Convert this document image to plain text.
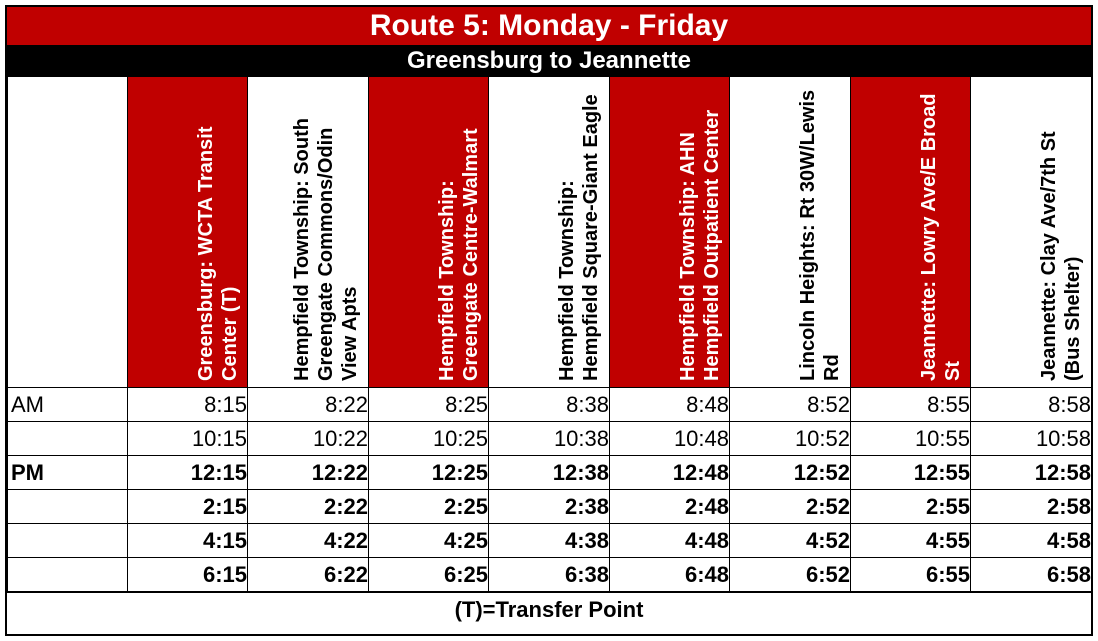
Route 5: Monday - Friday
Greensburg to Jeannette

	Greensburg: WCTA Transit Center (T)	Hempfield Township: South Greengate Commons/Odin View Apts	Hempfield Township: Greengate Centre-Walmart	Hempfield Township: Hempfield Square-Giant Eagle	Hempfield Township: AHN Hempfield Outpatient Center	Lincoln Heights: Rt 30W/Lewis Rd	Jeannette: Lowry Ave/E Broad St	Jeannette: Clay Ave/7th St (Bus Shelter)

AM	8:15	8:22	8:25	8:38	8:48	8:52	8:55	8:58
	10:15	10:22	10:25	10:38	10:48	10:52	10:55	10:58
PM	12:15	12:22	12:25	12:38	12:48	12:52	12:55	12:58
	2:15	2:22	2:25	2:38	2:48	2:52	2:55	2:58
	4:15	4:22	4:25	4:38	4:48	4:52	4:55	4:58
	6:15	6:22	6:25	6:38	6:48	6:52	6:55	6:58
(T)=Transfer Point
